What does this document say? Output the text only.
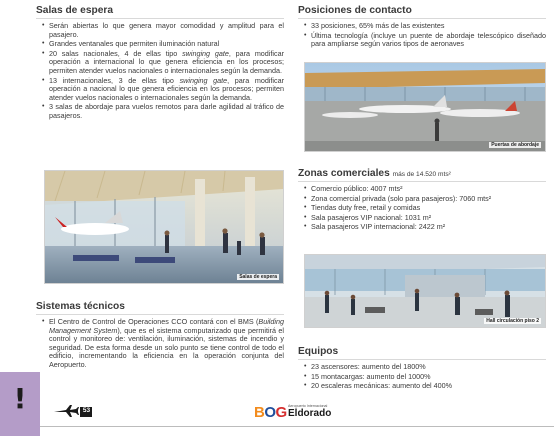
Salas de espera
• Serán abiertas lo que genera mayor comodidad y amplitud para el pasajero.
• Grandes ventanales que permiten iluminación natural
• 20 salas nacionales, 4 de ellas tipo swinging gate, para modificar operación a internacional lo que genera eficiencia en los procesos; permiten atender vuelos nacionales o internacionales según la demanda.
• 13 internacionales, 3 de ellas tipo swinging gate, para modificar operación a nacional lo que genera eficiencia en los procesos; permiten atender vuelos nacionales o internacionales según la demanda.
• 3 salas de abordaje para vuelos remotos para darle agilidad al tráfico de pasajeros.
Salas de espera
Sistemas técnicos
• El Centro de Control de Operaciones CCO contará con el BMS (Building Management System), que es el sistema computarizado que permitirá el control y monitoreo de: ventilación, iluminación, sistemas de incendio y seguridad. De esta forma desde un solo punto se tiene control de todo el edificio, incrementando la eficiencia en la operación conjunta del Aeropuerto.
Posiciones de contacto
• 33 posiciones, 65% más de las existentes
• Última tecnología (incluye un puente de abordaje telescópico diseñado para ampliarse según varios tipos de aeronaves
Puertas de abordaje
Zonas comerciales más de 14.520 mts²
• Comercio público: 4007 mts²
• Zona comercial privada (solo para pasajeros): 7060 mts²
• Tiendas duty free, retail y comidas
• Sala pasajeros VIP nacional: 1031 m²
• Sala pasajeros VIP internacional: 2422 m²
Hall circulación piso 2
Equipos
• 23 ascensores: aumento del 1800%
• 15 montacargas: aumento del 1000%
• 20 escaleras mecánicas: aumento del 400%
!	53	BOG Aeropuerto Internacional
Eldorado
